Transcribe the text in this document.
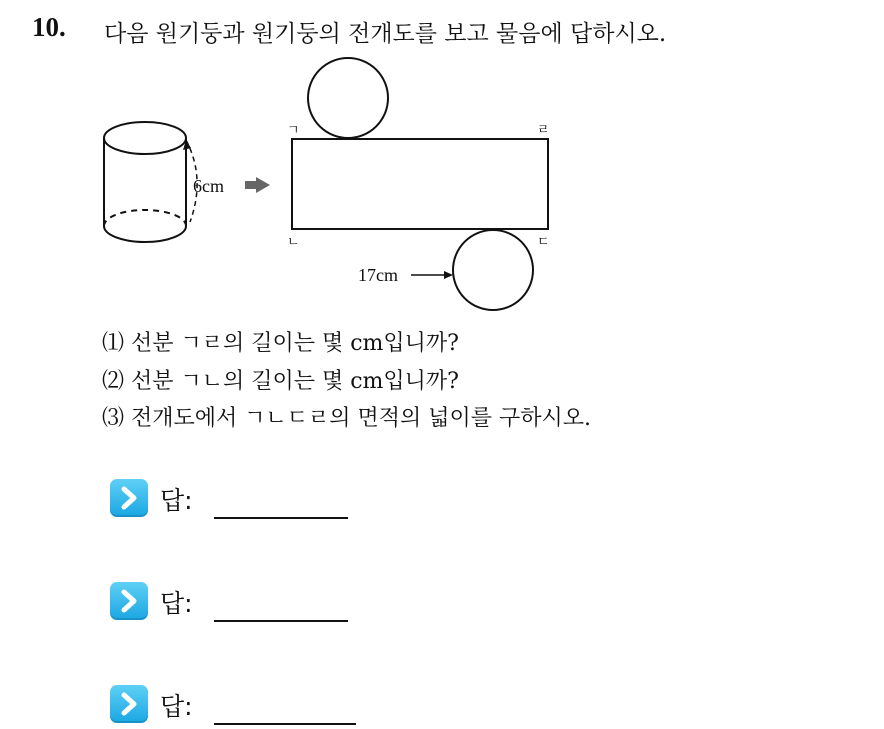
10. 다음 원기둥과 원기둥의 전개도를 보고 물음에 답하시오.
6cm
ㄱ	ㄹ
ㄴ	ㄷ
17cm
⑴ 선분 ㄱㄹ의 길이는 몇 cm입니까?
⑵ 선분 ㄱㄴ의 길이는 몇 cm입니까?
⑶ 전개도에서 ㄱㄴㄷㄹ의 면적의 넓이를 구하시오.
답:
답:
답:
